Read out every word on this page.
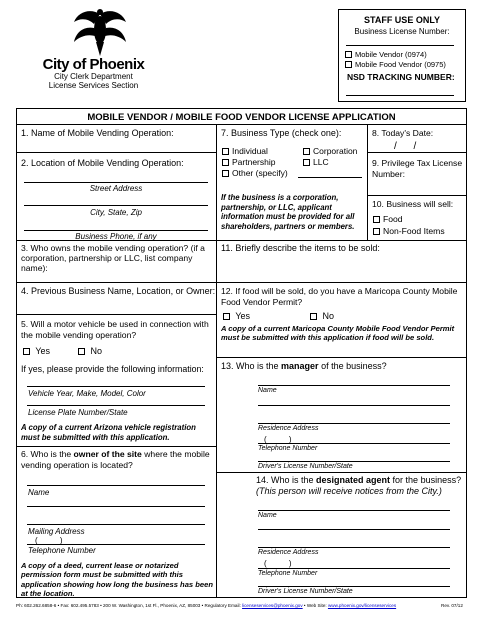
City of Phoenix
City Clerk Department
License Services Section
STAFF USE ONLY
Business License Number:
Mobile Vendor (0974)
Mobile Food Vendor (0975)
NSD TRACKING NUMBER:
MOBILE VENDOR / MOBILE FOOD VENDOR LICENSE APPLICATION
1. Name of Mobile Vending Operation:
2. Location of Mobile Vending Operation:
Street Address
City, State, Zip
Business Phone, if any
3. Who owns the mobile vending operation? (if a corporation, partnership or LLC, list company name):
4. Previous Business Name, Location, or Owner:
5. Will a motor vehicle be used in connection with the mobile vending operation?
Yes	No
If yes, please provide the following information:
Vehicle Year, Make, Model, Color
License Plate Number/State
A copy of a current Arizona vehicle registration must be submitted with this application.
6. Who is the owner of the site where the mobile vending operation is located?
Name
Mailing Address
(          )
Telephone Number
A copy of a deed, current lease or notarized permission form must be submitted with this application showing how long the business has been at the location.
7. Business Type (check one):
Individual	Corporation
Partnership	LLC
Other (specify)
If the business is a corporation, partnership, or LLC, applicant information must be provided for all shareholders, partners or members.
8. Today's Date:
/      /
9. Privilege Tax License Number:
10. Business will sell:
Food
Non-Food Items
11. Briefly describe the items to be sold:
12. If food will be sold, do you have a Maricopa County Mobile Food Vendor Permit?
Yes	No
A copy of a current Maricopa County Mobile Food Vendor Permit must be submitted with this application if food will be sold.
13. Who is the manager of the business?
Name
Residence Address
(          )
Telephone Number
Driver's License Number/State
14. Who is the designated agent for the business?
(This person will receive notices from the City.)
Name
Residence Address
(          )
Telephone Number
Driver's License Number/State
Ph: 602.262.6858-6 • Fax: 602.495.5783 • 200 W. Washington, 1st Fl., Phoenix, AZ, 85003 • Regulatory Email: licenseservices@phoenix.gov • Web Site: www.phoenix.gov/licenseservices	Rev. 07/12
